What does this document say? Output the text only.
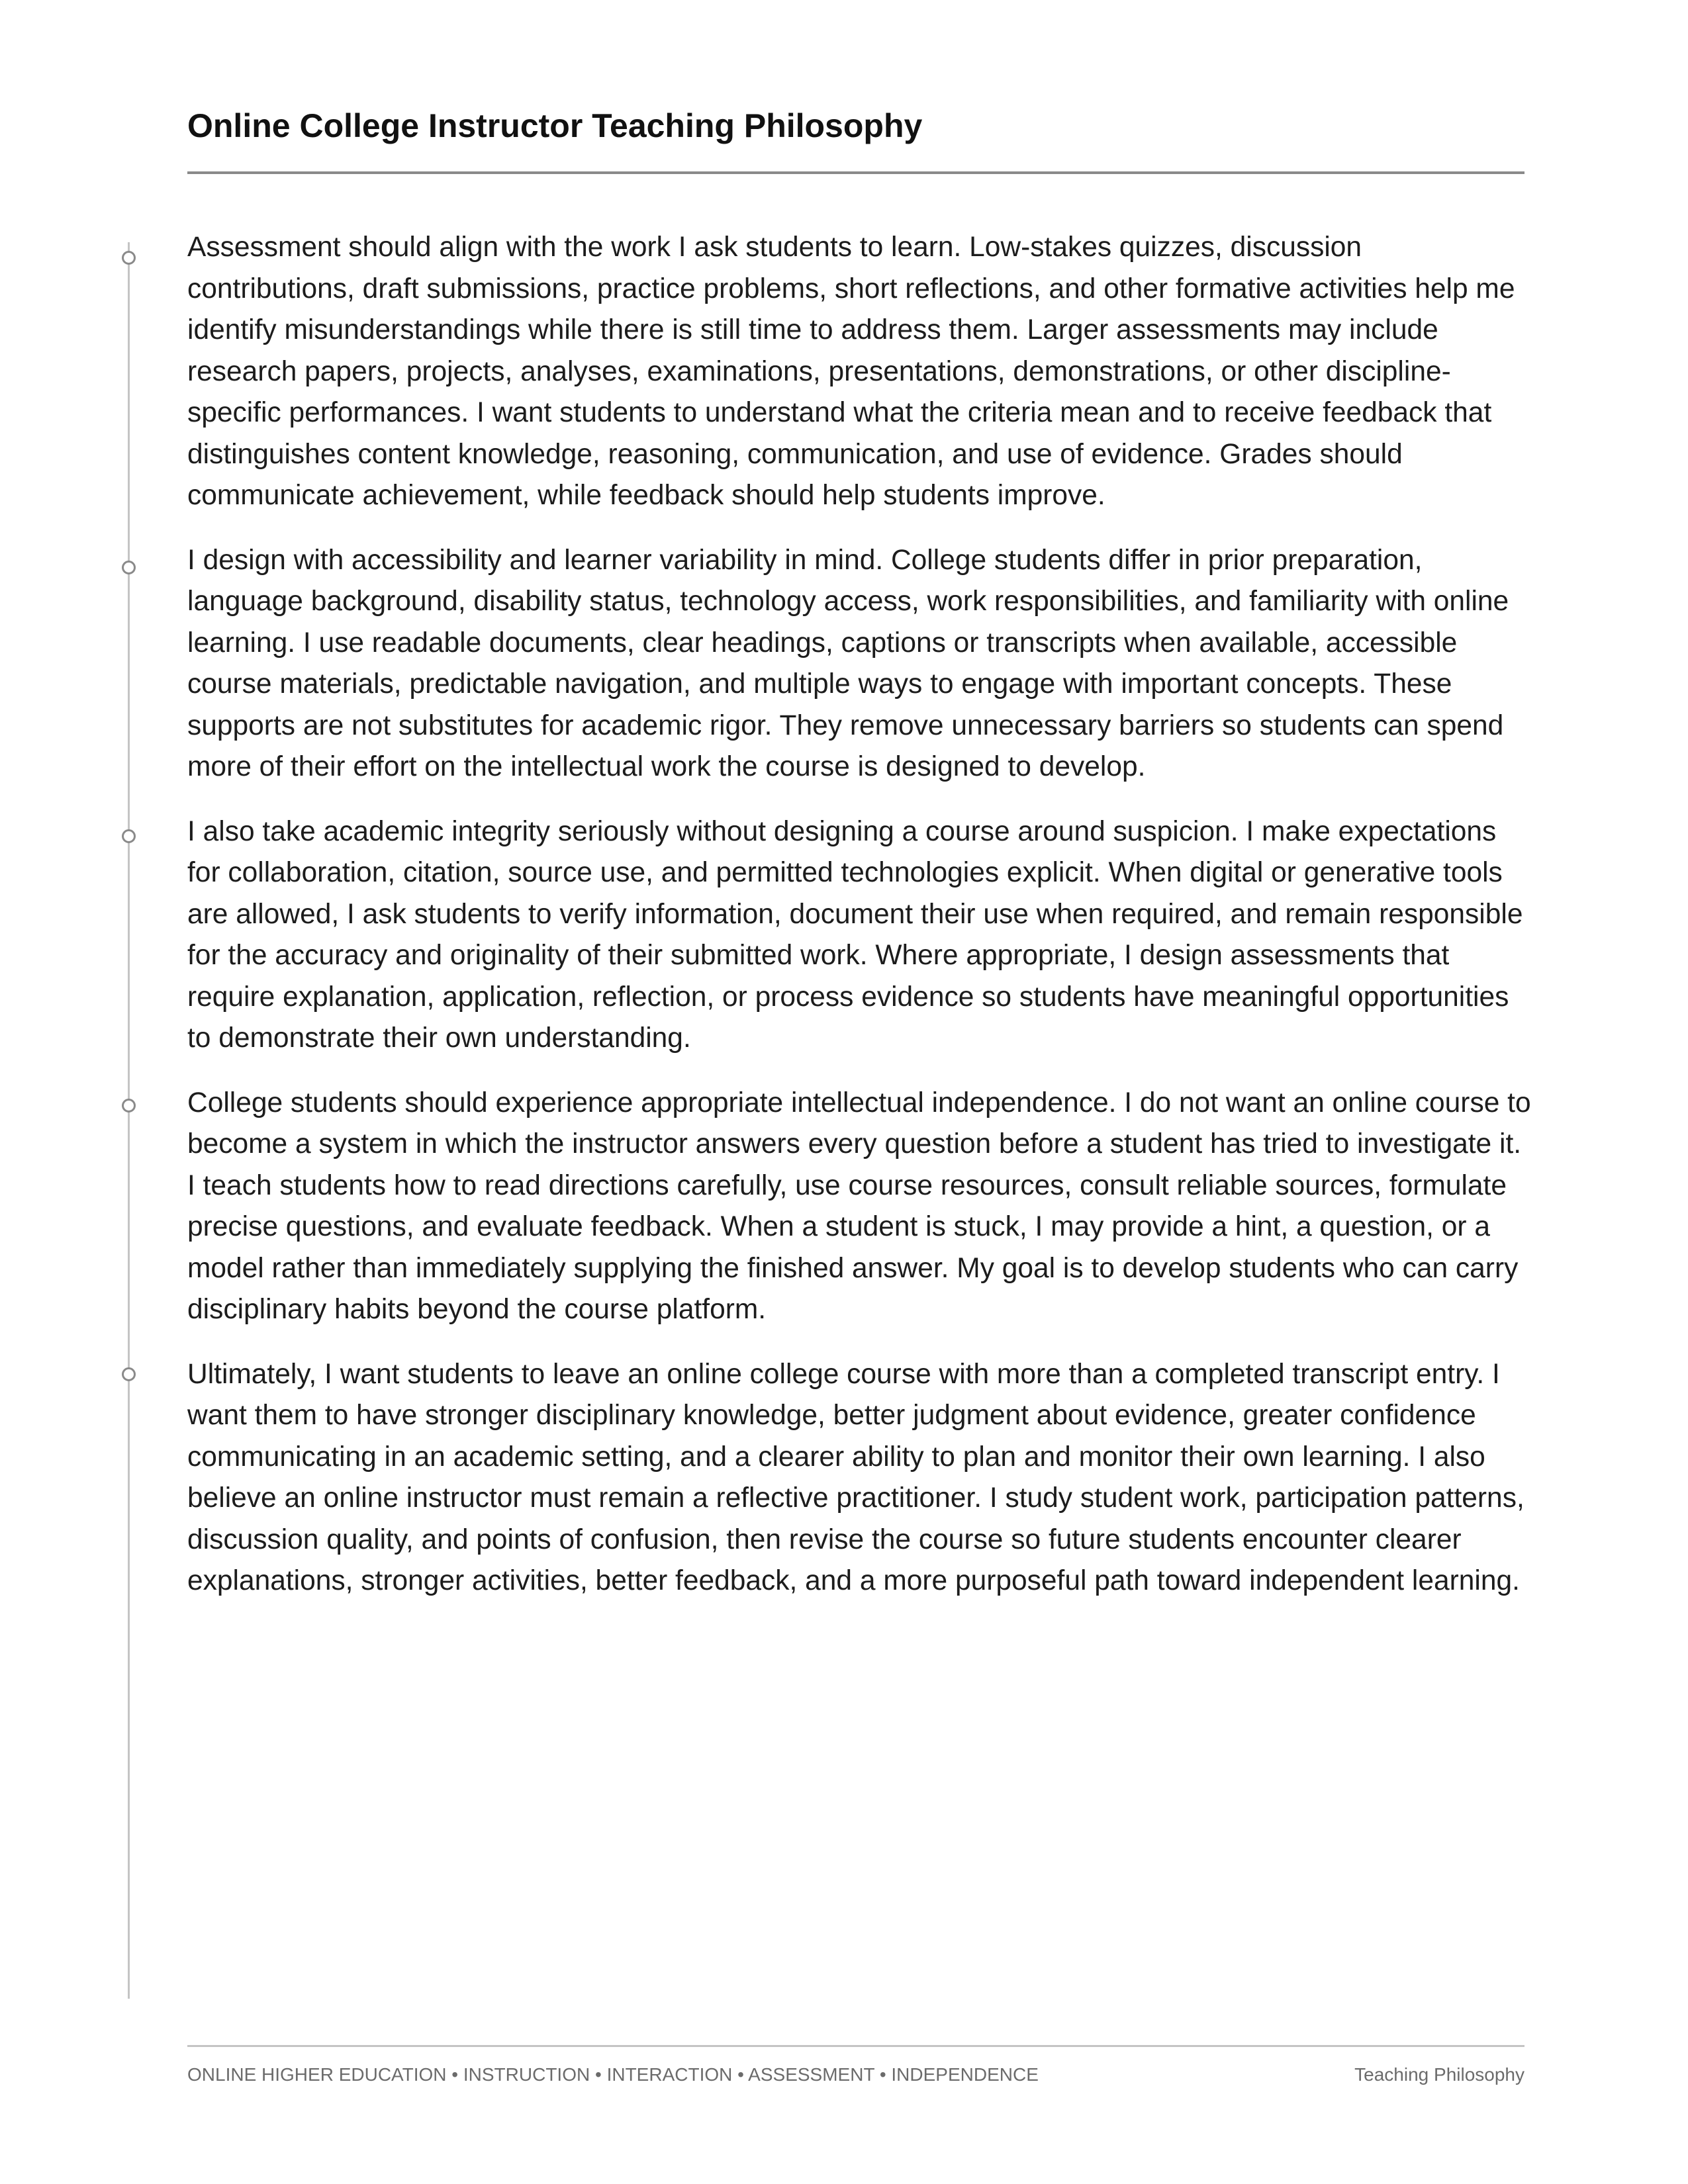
Online College Instructor Teaching Philosophy

Assessment should align with the work I ask students to learn. Low-stakes quizzes, discussion contributions, draft submissions, practice problems, short reflections, and other formative activities help me identify misunderstandings while there is still time to address them. Larger assessments may include research papers, projects, analyses, examinations, presentations, demonstrations, or other discipline-specific performances. I want students to understand what the criteria mean and to receive feedback that distinguishes content knowledge, reasoning, communication, and use of evidence. Grades should communicate achievement, while feedback should help students improve.

I design with accessibility and learner variability in mind. College students differ in prior preparation, language background, disability status, technology access, work responsibilities, and familiarity with online learning. I use readable documents, clear headings, captions or transcripts when available, accessible course materials, predictable navigation, and multiple ways to engage with important concepts. These supports are not substitutes for academic rigor. They remove unnecessary barriers so students can spend more of their effort on the intellectual work the course is designed to develop.

I also take academic integrity seriously without designing a course around suspicion. I make expectations for collaboration, citation, source use, and permitted technologies explicit. When digital or generative tools are allowed, I ask students to verify information, document their use when required, and remain responsible for the accuracy and originality of their submitted work. Where appropriate, I design assessments that require explanation, application, reflection, or process evidence so students have meaningful opportunities to demonstrate their own understanding.

College students should experience appropriate intellectual independence. I do not want an online course to become a system in which the instructor answers every question before a student has tried to investigate it. I teach students how to read directions carefully, use course resources, consult reliable sources, formulate precise questions, and evaluate feedback. When a student is stuck, I may provide a hint, a question, or a model rather than immediately supplying the finished answer. My goal is to develop students who can carry disciplinary habits beyond the course platform.

Ultimately, I want students to leave an online college course with more than a completed transcript entry. I want them to have stronger disciplinary knowledge, better judgment about evidence, greater confidence communicating in an academic setting, and a clearer ability to plan and monitor their own learning. I also believe an online instructor must remain a reflective practitioner. I study student work, participation patterns, discussion quality, and points of confusion, then revise the course so future students encounter clearer explanations, stronger activities, better feedback, and a more purposeful path toward independent learning.

ONLINE HIGHER EDUCATION • INSTRUCTION • INTERACTION • ASSESSMENT • INDEPENDENCE	Teaching Philosophy
